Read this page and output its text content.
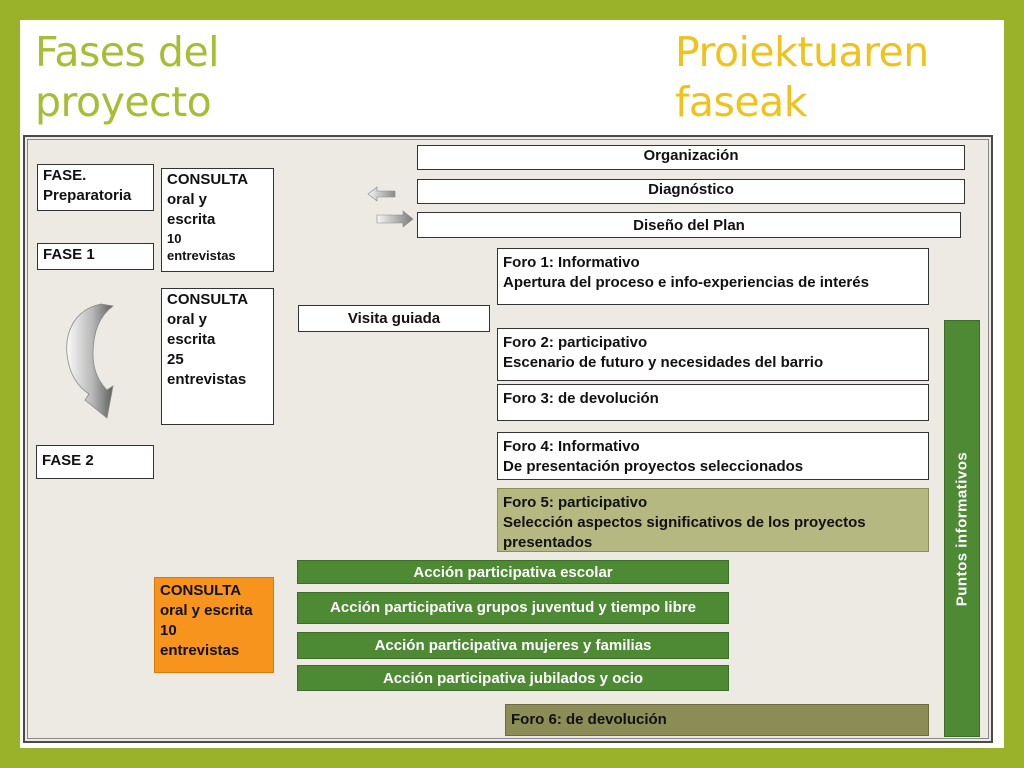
Fases del proyecto
Proiektuaren faseak
FASE. Preparatoria
FASE 1
FASE 2
CONSULTA
oral y
escrita
10
entrevistas
CONSULTA
oral y
escrita
25
entrevistas
CONSULTA
oral y escrita
10
entrevistas
Organización
Diagnóstico
Diseño del Plan
Visita guiada
Foro 1: Informativo
Apertura del proceso e info-experiencias de interés
Foro 2: participativo
Escenario de futuro y necesidades del barrio
Foro 3: de devolución
Foro 4: Informativo
De presentación proyectos seleccionados
Foro 5: participativo
Selección aspectos significativos de los proyectos presentados
Foro 6: de devolución
Acción participativa escolar
Acción participativa grupos juventud y tiempo libre
Acción participativa mujeres y familias
Acción participativa jubilados y ocio
Puntos informativos
